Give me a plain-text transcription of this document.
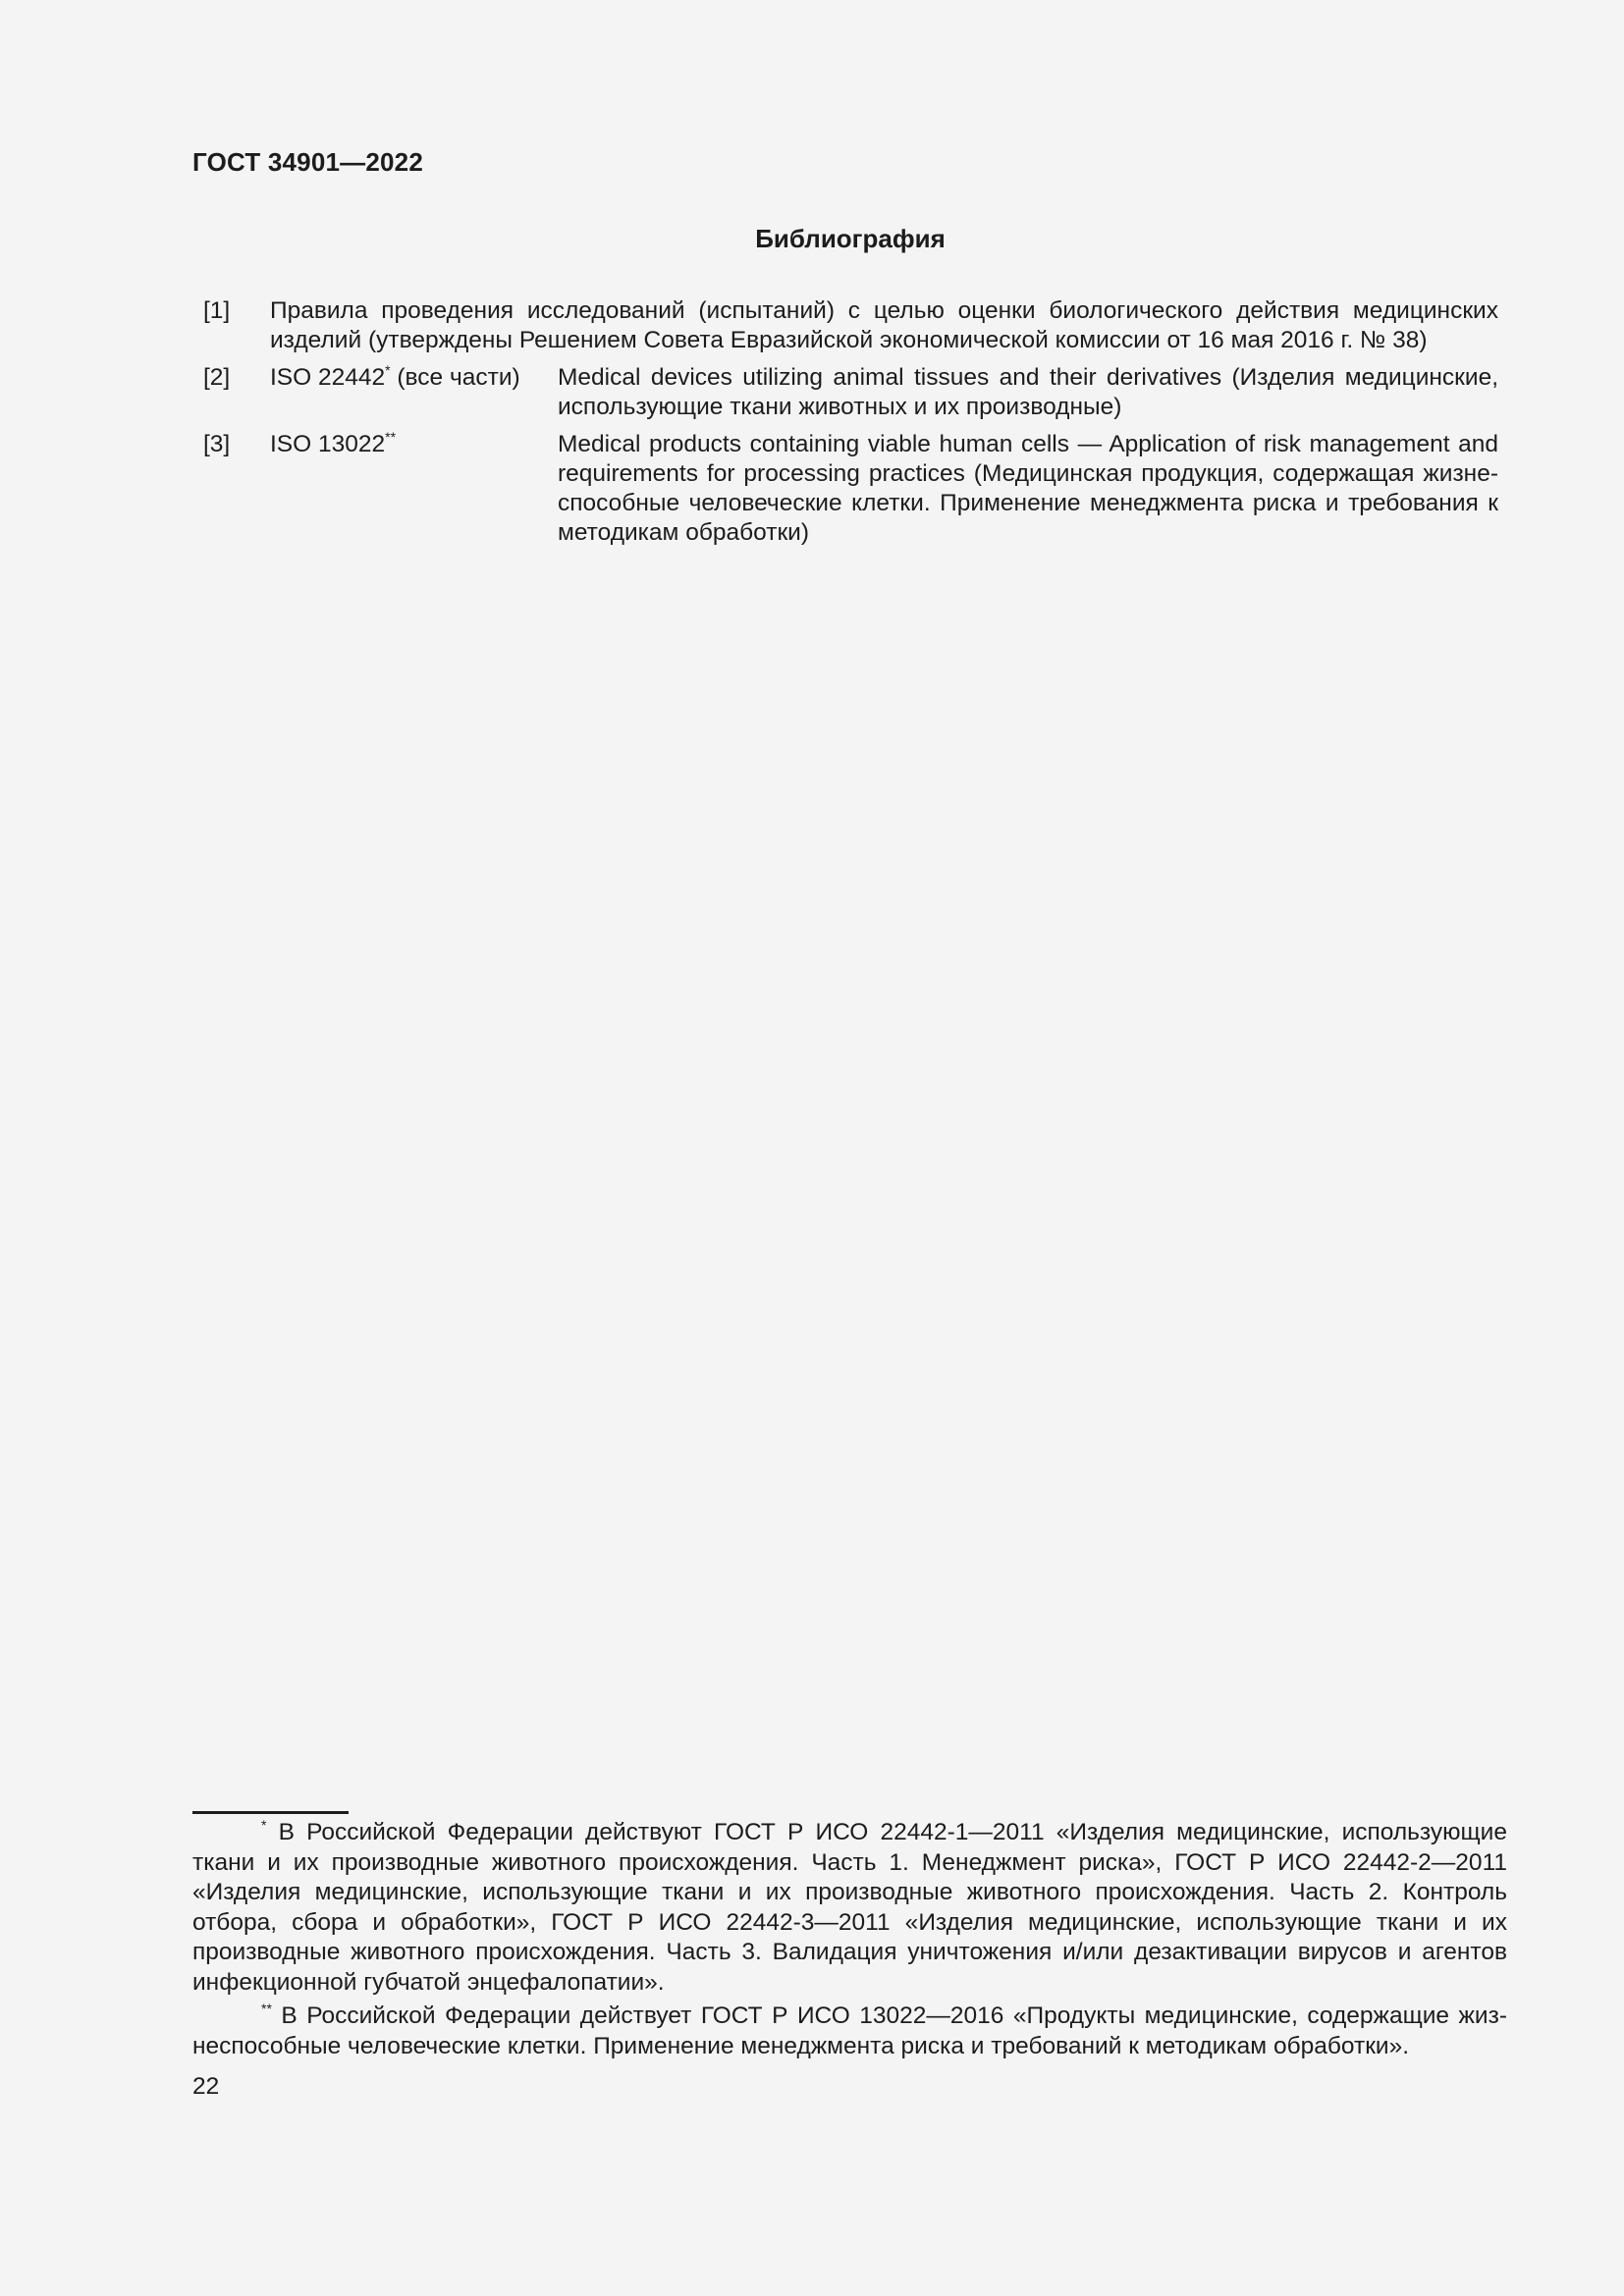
ГОСТ 34901—2022
Библиография
[1] Правила проведения исследований (испытаний) с целью оценки биологического действия медицинских изделий (утверждены Решением Совета Евразийской экономической комиссии от 16 мая 2016 г. № 38)
[2] ISO 22442* (все части) Medical devices utilizing animal tissues and their derivatives (Изделия медицинские, использующие ткани животных и их производные)
[3] ISO 13022**	Medical products containing viable human cells — Application of risk management and requirements for processing practices (Медицинская продукция, содержащая жизне-способные человеческие клетки. Применение менеджмента риска и требования к методикам обработки)

* В Российской Федерации действуют ГОСТ Р ИСО 22442-1—2011 «Изделия медицинские, использующие ткани и их производные животного происхождения. Часть 1. Менеджмент риска», ГОСТ Р ИСО 22442-2—2011 «Изделия медицинские, использующие ткани и их производные животного происхождения. Часть 2. Контроль отбора, сбора и обработки», ГОСТ Р ИСО 22442-3—2011 «Изделия медицинские, использующие ткани и их производные животного происхождения. Часть 3. Валидация уничтожения и/или дезактивации вирусов и агентов инфекционной губчатой энцефалопатии».

** В Российской Федерации действует ГОСТ Р ИСО 13022—2016 «Продукты медицинские, содержащие жиз-неспособные человеческие клетки. Применение менеджмента риска и требований к методикам обработки».

22
